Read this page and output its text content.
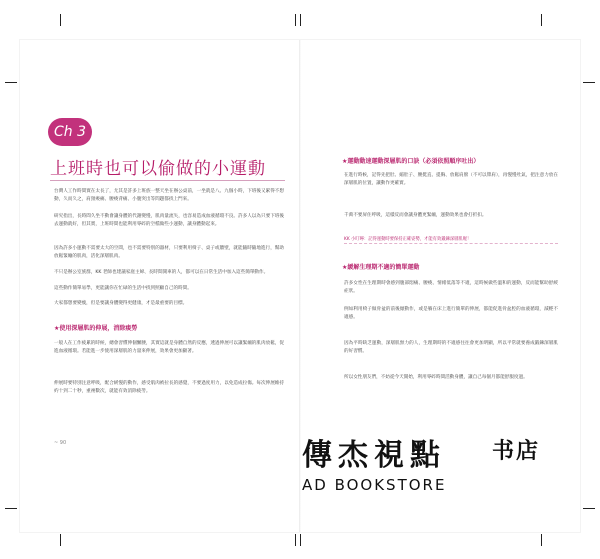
Ch 3
上班時也可以偷做的小運動
台灣人工作時間實在太長了，尤其是許多上班族一整天坐在辦公桌前，一坐就是八、九個小時，下班後又累得不想動，久而久之，肩頸痠痛、腰痠背痛、小腹突出等問題都找上門來。
研究指出，長時間久坐不動會讓身體的代謝變慢，肌肉量流失，也容易造成血液循環不良。許多人以為只要下班後去運動就好，但其實，上班時間也能利用零碎的空檔做些小運動，讓身體動起來。
因為許多小運動不需要太大的空間，也不需要特別的器材，只要利用椅子、桌子或牆壁，就能隨時隨地進行，幫助放鬆緊繃的肌肉，活化深層肌肉。
不只是辦公室族群，KK 老師也建議家庭主婦、長時間開車的人，都可以在日常生活中加入這些簡單動作。
這些動作簡單易學，更能讓你在忙碌的生活中找到照顧自己的時間。
大家都想要變瘦，但是要讓身體變得更健康，才是最重要的目標。
★使用深層肌的伸展，消除痠勞
一般人在工作疲累的時候，總會習慣伸個懶腰，其實這就是身體自然的反應，透過伸展可以讓緊繃的肌肉放鬆，促進血液循環。若能進一步使用深層肌的力量來伸展，效果會更加顯著。
伸展時要特別注意呼吸，配合緩慢的動作，感受肌肉被拉長的感覺，不要過度用力，以免造成拉傷。每次伸展維持約十到二十秒，重複數次，就能有效消除疲勞。
~ 90
★運動動速運動深層肌的口訣（必須依照順序吐出）
在進行時候，記得先把肚、縮肚子、腰挺直、提胸、放鬆肩膀（不可以聳肩），再慢慢吐氣，把注意力放在深層肌的位置，讓動作更確實。
千萬不要屏住呼吸，這樣反而會讓身體更緊繃，運動效果也會打折扣。
KK 小叮嚀：記得運動時要保持正確姿勢，才能有效鍛鍊深層肌喔！
★緩解生理期不適的簡單運動
許多女性在生理期時會感到腹部悶痛、腰痠、情緒低落等不適，這時候做些溫和的運動，反而能幫助舒緩症狀。
例如利用椅子做骨盆的前後傾動作，或是躺在床上進行簡單的伸展，都能促進骨盆腔的血液循環，減輕不適感。
因為平時缺乏運動，深層肌無力的人，生理期時的不適感往往會更加明顯，所以平常就要養成鍛鍊深層肌的好習慣。
所以女性朋友們，不妨從今天開始，利用零碎時間活動身體，讓自己每個月都能舒服度過。
傳杰視點	书店
AD BOOKSTORE
